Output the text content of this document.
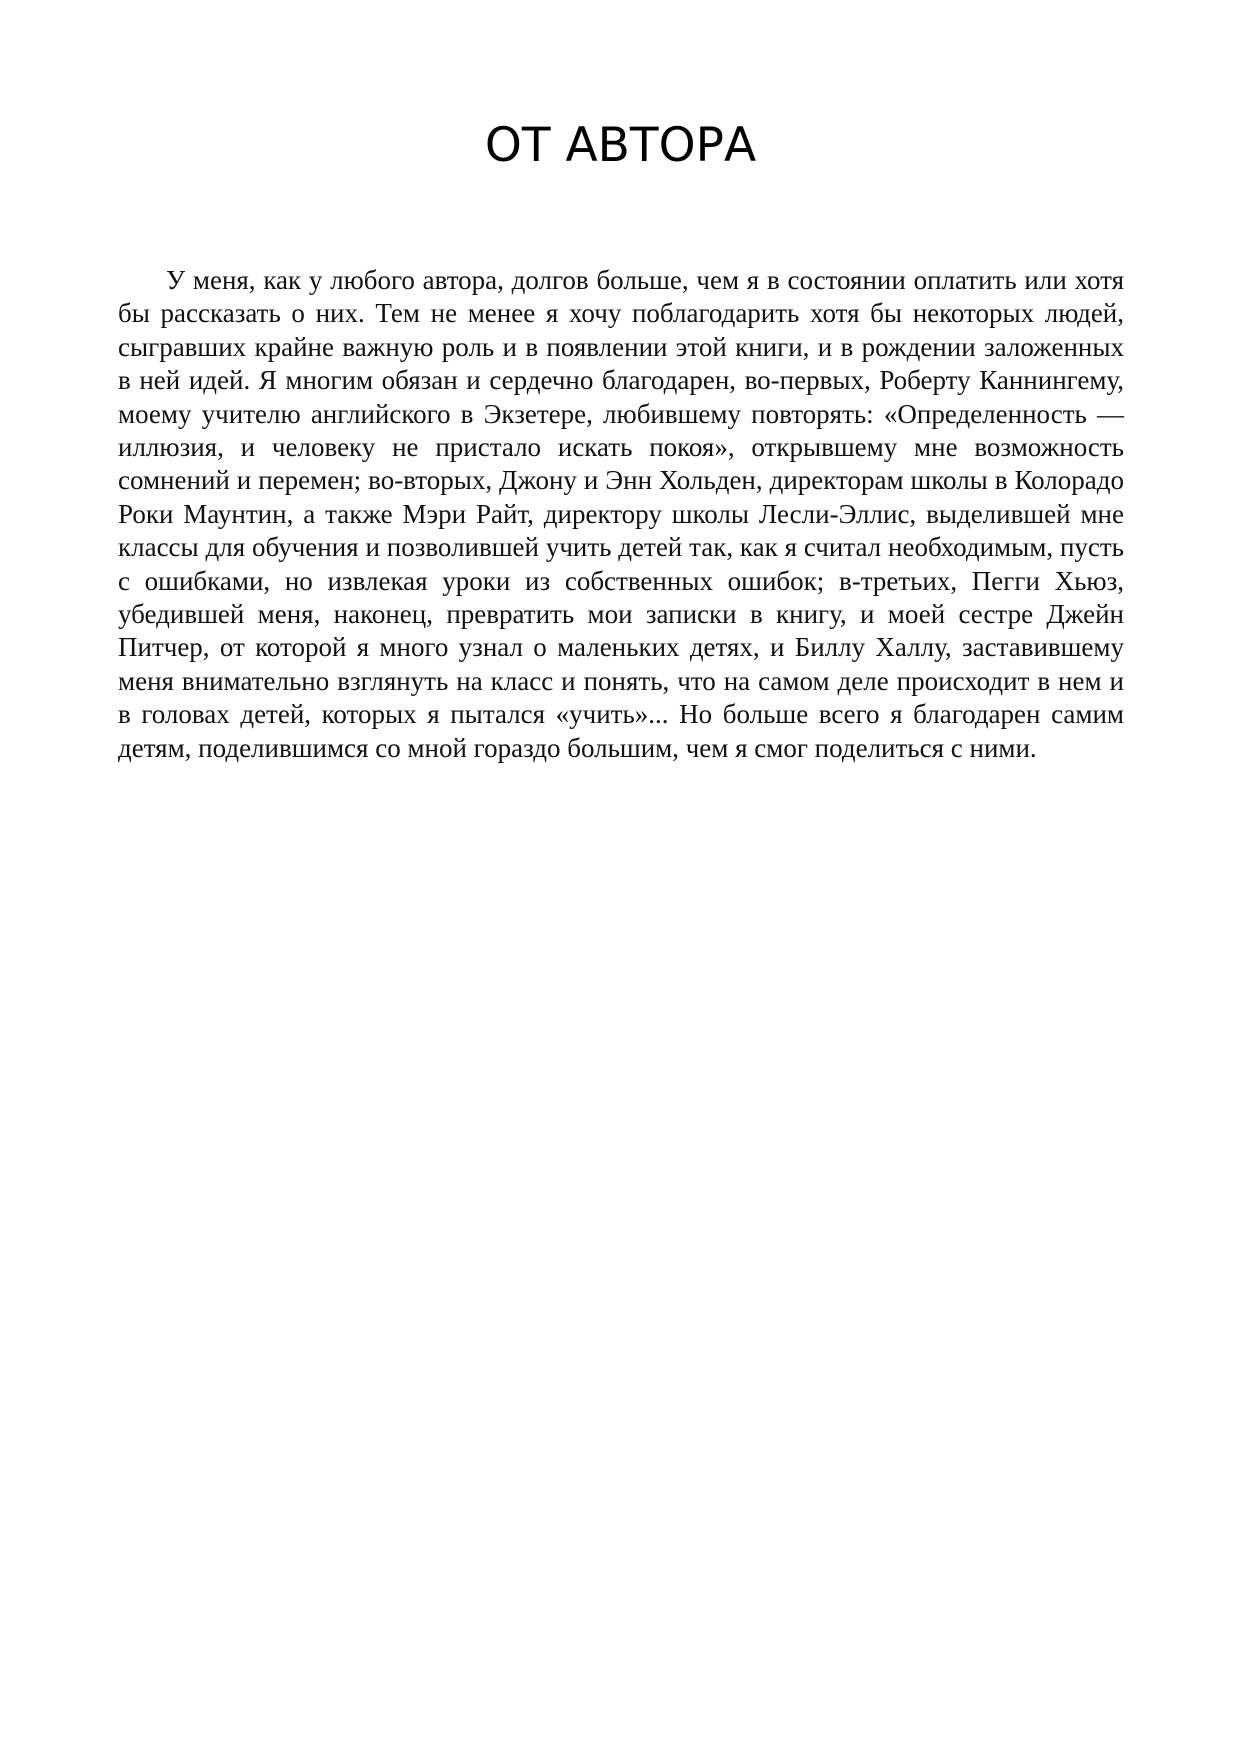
ОТ АВТОРА

У меня, как у любого автора, долгов больше, чем я в состоянии оплатить или хотя бы рассказать о них. Тем не менее я хочу поблагодарить хотя бы некоторых людей, сыгравших крайне важную роль и в появлении этой книги, и в рождении заложенных в ней идей. Я многим обязан и сердечно благодарен, во-первых, Роберту Каннингему, моему учителю английского в Экзетере, любившему повторять: «Определенность — иллюзия, и человеку не пристало искать покоя», открывшему мне возможность сомнений и перемен; во-вторых, Джону и Энн Хольден, директорам школы в Колорадо Роки Маунтин, а также Мэри Райт, директору школы Лесли-Эллис, выделившей мне классы для обучения и позволившей учить детей так, как я считал необходимым, пусть с ошибками, но извлекая уроки из собственных ошибок; в-третьих, Пегги Хьюз, убедившей меня, наконец, превратить мои записки в книгу, и моей сестре Джейн Питчер, от которой я много узнал о маленьких детях, и Биллу Халлу, заставившему меня внимательно взглянуть на класс и понять, что на самом деле происходит в нем и в головах детей, которых я пытался «учить»... Но больше всего я благодарен самим детям, поделившимся со мной гораздо большим, чем я смог поделиться с ними.
